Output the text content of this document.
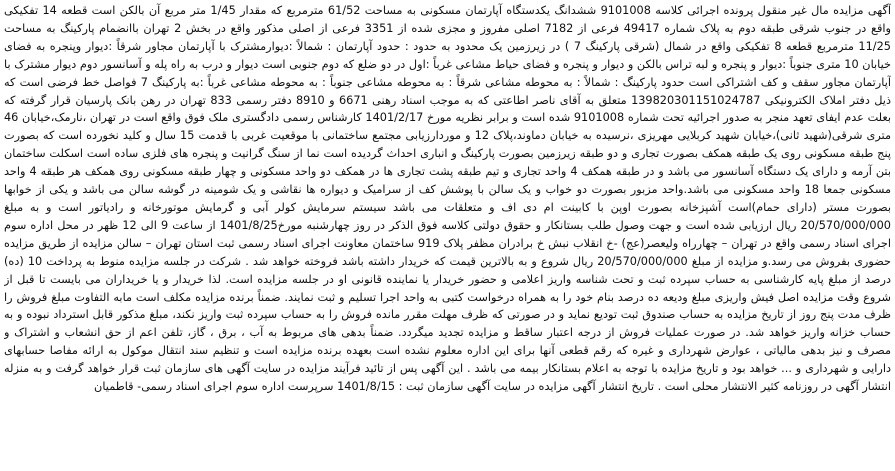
آگهی مزایده مال غیر منقول پرونده اجرائی کلاسه 9101008 ششدانگ یکدستگاه آپارتمان مسکونی به مساحت 61/52 مترمربع که مقدار 1/45 متر مربع آن بالکن است قطعه 14 تفکیکی واقع در جنوب شرقی طبقه دوم به پلاک شماره 49417 فرعی از 7182 اصلی مفروز و مجزی شده از 3351 فرعی از اصلی مذکور واقع در بخش 2 تهران باانضمام پارکینگ به مساحت 11/25 مترمربع قطعه 8 تفکیکی واقع در شمال (شرقی پارکینگ 7 ) در زیرزمین یک محدود به حدود : حدود آپارتمان : شمالاً :دیوارمشترک با آپارتمان مجاور شرقاً :دیوار وپنجره به فضای خیابان 10 متری جنوباً :دیوار و پنجره و لبه تراس بالکن و دیوار و پنجره و فضای حیاط مشاعی غرباً :اول در دو ضلع که دوم جنوبی است دیوار و درب به راه پله و آسانسور دوم دیوار مشترک با آپارتمان مجاور سقف و کف اشتراکی است حدود پارکینگ : شمالاً : به محوطه مشاعی شرقاً : به محوطه مشاعی جنوباً : به محوطه مشاعی غرباً :به پارکینگ 7 فواصل خط فرضی است که ذیل دفتر املاک الکترونیکی 139820301151024787 متعلق به آقای ناصر اطاعتی که به موجب اسناد رهنی 6671 و 8910 دفتر رسمی 833 تهران در رهن بانک پارسیان قرار گرفته که بعلت عدم ایفای تعهد منجر به صدور اجرائیه تحت شماره 9101008 شده است و برابر نظریه مورخ 1401/2/17 کارشناس رسمی دادگستری ملک فوق واقع است در تهران ،نارمک،خیابان 46 متری شرقی(شهید ثانی)،خیابان شهید کربلایی مهریزی ،نرسیده به خیابان دماوند،پلاک 12 و موردارزیابی مجتمع ساختمانی با موقعیت غربی با قدمت 15 سال و کلید نخورده است که بصورت پنج طبقه مسکونی روی یک طبقه همکف بصورت تجاری و دو طبقه زیرزمین بصورت پارکینگ و انباری احداث گردیده است نما از سنگ گرانیت و پنجره های فلزی ساده است اسکلت ساختمان بتن آرمه و دارای یک دستگاه آسانسور می باشد و در طبقه همکف 4 واحد تجاری و تیم طبقه پشت تجاری ها در همکف دو واحد مسکونی و چهار طبقه مسکونی روی همکف هر طبقه 4 واحد مسکونی جمعا 18 واحد مسکونی می باشد.واحد مزبور بصورت دو خواب و یک سالن با پوشش کف از سرامیک و دیواره ها نقاشی و یک شومینه در گوشه سالن می باشد و یکی از خوابها بصورت مستر (دارای حمام)است آشپزخانه بصورت اوپن با کابینت ام دی اف و متعلقات می باشد سیستم سرمایش کولر آبی و گرمایش موتورخانه و رادیاتور است و به مبلغ 20/570/000/000 ریال ارزیابی شده است و جهت وصول طلب بستانکار و حقوق دولتی کلاسه فوق الذکر در روز چهارشنبه مورخ1401/8/25 از ساعت 9 الی 12 ظهر در محل اداره سوم اجرای اسناد رسمی واقع در تهران – چهارراه ولیعصر(عج) -خ انقلاب نبش خ برادران مظفر پلاک 919 ساختمان معاونت اجرای اسناد رسمی ثبت استان تهران – سالن مزایده از طریق مزایده حضوری بفروش می رسد.و مزایده از مبلغ 20/570/000/000 ریال شروع و به بالاترین قیمت که خریدار داشته باشد فروخته خواهد شد . شرکت در جلسه مزایده منوط به پرداخت 10 (ده) درصد از مبلغ پایه کارشناسی به حساب سپرده ثبت و تحت شناسه واریز اعلامی و حضور خریدار یا نماینده قانونی او در جلسه مزایده است. لذا خریدار و یا خریداران می بایست تا قبل از شروع وقت مزایده اصل فیش واریزی مبلغ ودیعه ده درصد بنام خود را به همراه درخواست کتبی به واحد اجرا تسلیم و ثبت نمایند. ضمناً برنده مزایده مکلف است مابه التفاوت مبلغ فروش را ظرف مدت پنج روز از تاریخ مزایده به حساب صندوق ثبت تودیع نماید و در صورتی که ظرف مهلت مقرر مانده فروش را به حساب سپرده ثبت واریز نکند، مبلغ مذکور قابل استرداد نبوده و به حساب خزانه واریز خواهد شد. در صورت عملیات فروش از درجه اعتبار ساقط و مزایده تجدید میگردد. ضمناً بدهی های مربوط به آب ، برق ، گاز، تلفن اعم از حق انشعاب و اشتراک و مصرف و نیز بدهی مالیاتی ، عوارض شهرداری و غیره که رقم قطعی آنها برای این اداره معلوم نشده است بعهده برنده مزایده است و تنظیم سند انتقال موکول به ارائه مفاصا حسابهای دارایی و شهرداری و ... خواهد بود و تاریخ مزایده با توجه به اعلام بستانکار بیمه می باشد . این آگهی پس از تائید فرآیند مزایده در سایت آگهی های سازمان ثبت قرار خواهد گرفت و به منزله انتشار آگهی در روزنامه کثیر الانتشار محلی است . تاریخ انتشار آگهی مزایده در سایت آگهی سازمان ثبت : 1401/8/15 سرپرست اداره سوم اجرای اسناد رسمی- قاطمیان
